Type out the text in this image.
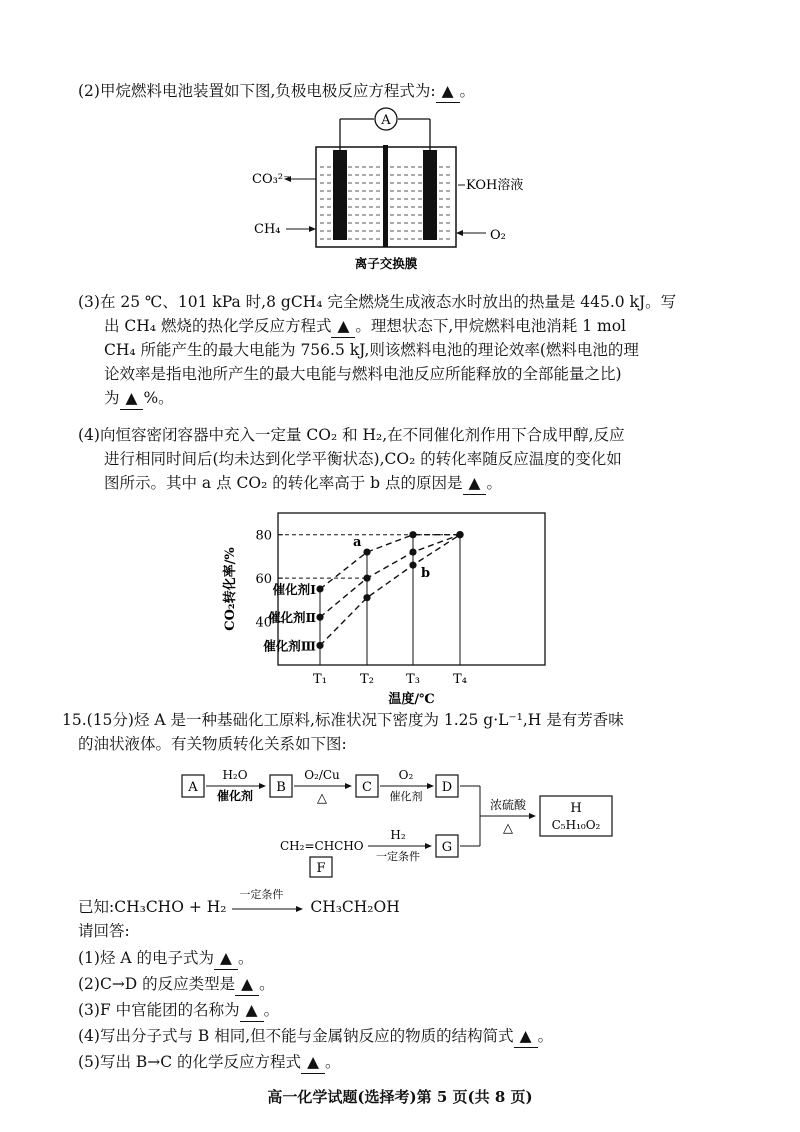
(2)甲烷燃料电池装置如下图,负极电极反应方程式为: ▲ 。
A
CO₃²⁻
CH₄
KOH溶液
O₂
离子交换膜
(3)在 25 ℃、101 kPa 时,8 gCH₄ 完全燃烧生成液态水时放出的热量是 445.0 kJ。写
出 CH₄ 燃烧的热化学反应方程式 ▲ 。理想状态下,甲烷燃料电池消耗 1 mol
CH₄ 所能产生的最大电能为 756.5 kJ,则该燃料电池的理论效率(燃料电池的理
论效率是指电池所产生的最大电能与燃料电池反应所能释放的全部能量之比)
为 ▲ %。
(4)向恒容密闭容器中充入一定量 CO₂ 和 H₂,在不同催化剂作用下合成甲醇,反应
进行相同时间后(均未达到化学平衡状态),CO₂ 的转化率随反应温度的变化如
图所示。其中 a 点 CO₂ 的转化率高于 b 点的原因是 ▲ 。
40
60
80
T₁	T₂ T₃	T₄
催化剂Ⅰ
催化剂Ⅱ
催化剂Ⅲ
a
b
温度/℃
CO₂转化率/%
15.(15分)烃 A 是一种基础化工原料,标准状况下密度为 1.25 g·L⁻¹,H 是有芳香味
的油状液体。有关物质转化关系如下图:
A
H₂O
催化剂
B
O₂/Cu
△
C
O₂
催化剂
D
浓硫酸
△
H
C₅H₁₀O₂
CH₂=CHCHO
H₂
一定条件
G
F
已知:CH₃CHO + H₂
一定条件
CH₃CH₂OH
请回答:
(1)烃 A 的电子式为 ▲ 。
(2)C→D 的反应类型是 ▲ 。
(3)F 中官能团的名称为 ▲ 。
(4)写出分子式与 B 相同,但不能与金属钠反应的物质的结构简式 ▲ 。
(5)写出 B→C 的化学反应方程式 ▲ 。
高一化学试题(选择考)第 5 页(共 8 页)
